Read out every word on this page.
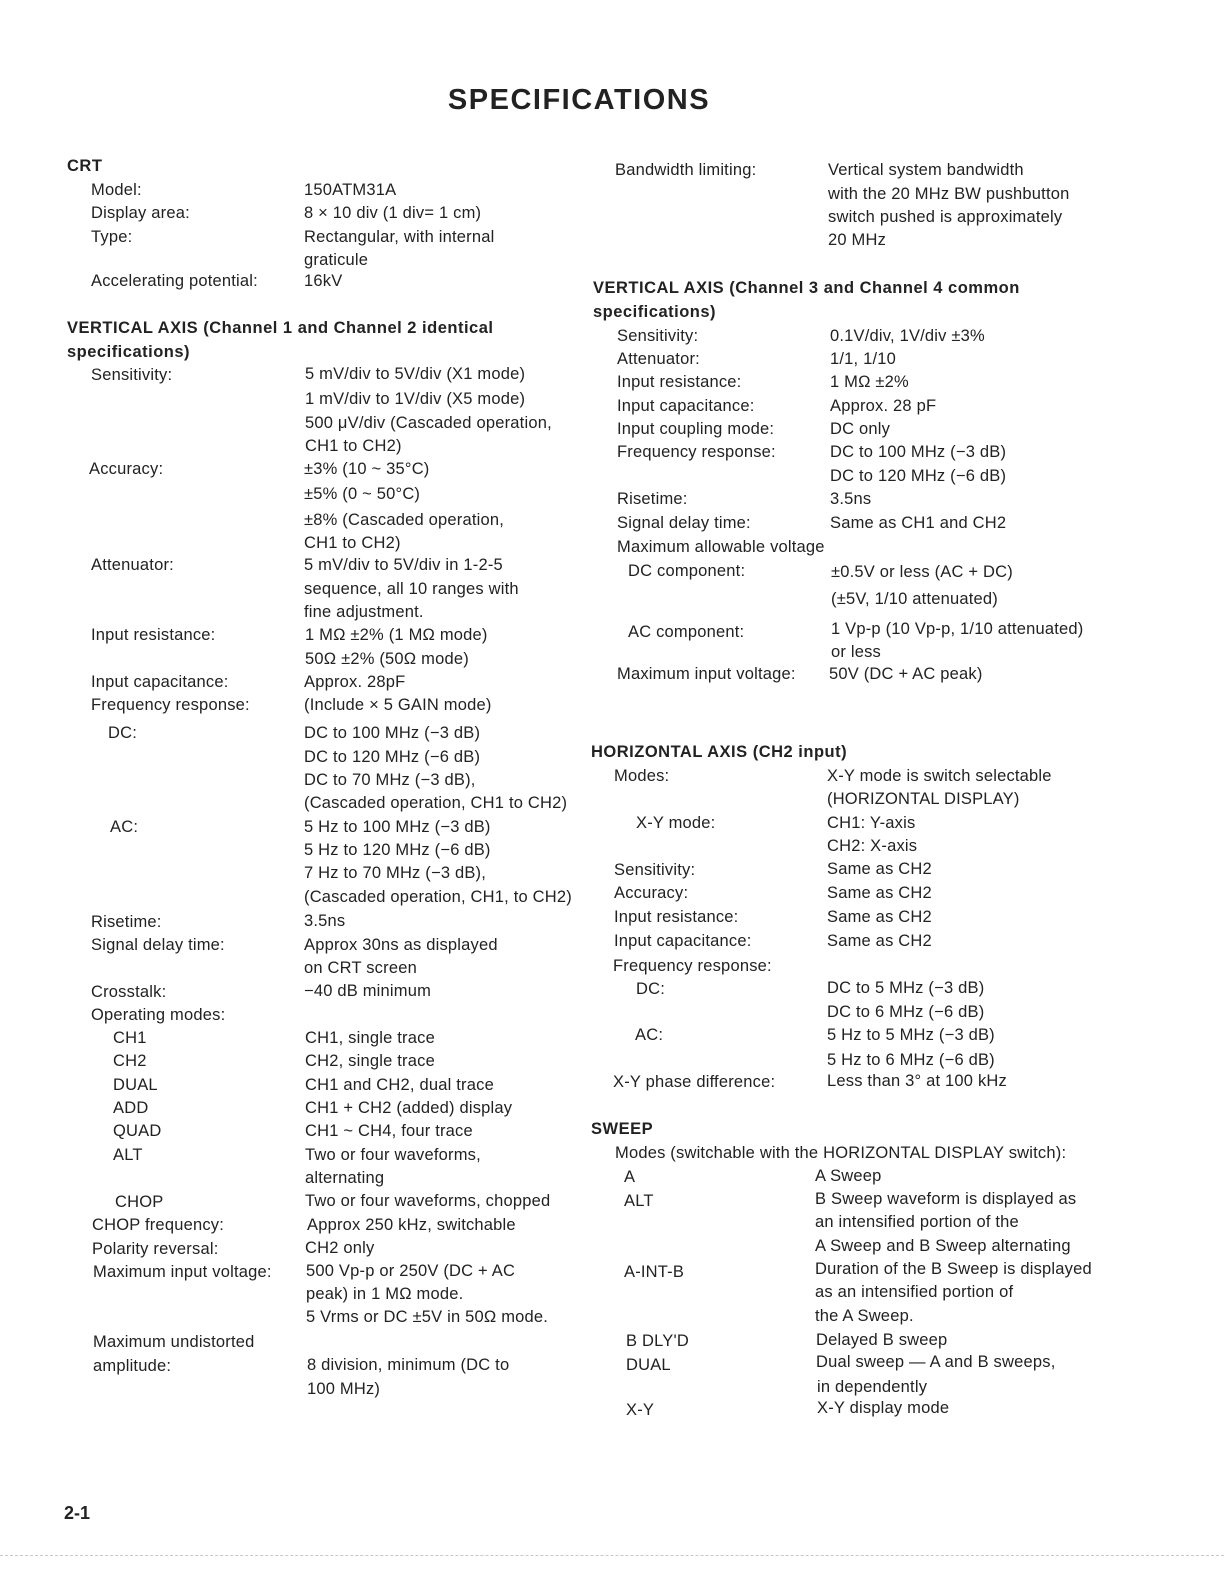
SPECIFICATIONS
CRT
Model:	150ATM31A
Display area:	8 × 10 div (1 div= 1 cm)
Type:	Rectangular, with internal
graticule
Accelerating potential:	16kV
VERTICAL AXIS (Channel 1 and Channel 2 identical
specifications)
Sensitivity:	5 mV/div to 5V/div (X1 mode)
1 mV/div to 1V/div (X5 mode)
500 μV/div (Cascaded operation,
CH1 to CH2)
Accuracy:	±3% (10 ~ 35°C)
±5% (0 ~ 50°C)
±8% (Cascaded operation,
CH1 to CH2)
Attenuator:	5 mV/div to 5V/div in 1-2-5
sequence, all 10 ranges with
fine adjustment.
Input resistance:	1 MΩ ±2% (1 MΩ mode)
50Ω ±2% (50Ω mode)
Input capacitance:	Approx. 28pF
Frequency response:	(Include × 5 GAIN mode)
DC:	DC to 100 MHz (−3 dB)
DC to 120 MHz (−6 dB)
DC to 70 MHz (−3 dB),
(Cascaded operation, CH1 to CH2)
AC:	5 Hz to 100 MHz (−3 dB)
5 Hz to 120 MHz (−6 dB)
7 Hz to 70 MHz (−3 dB),
(Cascaded operation, CH1, to CH2)
Risetime:	3.5ns
Signal delay time:	Approx 30ns as displayed
on CRT screen
Crosstalk:	−40 dB minimum
Operating modes:
CH1	CH1, single trace
CH2	CH2, single trace
DUAL	CH1 and CH2, dual trace
ADD	CH1 + CH2 (added) display
QUAD	CH1 ~ CH4, four trace
ALT	Two or four waveforms,
alternating
CHOP	Two or four waveforms, chopped
CHOP frequency:	Approx 250 kHz, switchable
Polarity reversal:	CH2 only
Maximum input voltage: 500 Vp-p or 250V (DC + AC
peak) in 1 MΩ mode.
5 Vrms or DC ±5V in 50Ω mode.
Maximum undistorted
amplitude:	8 division, minimum (DC to
100 MHz)
Bandwidth limiting:	Vertical system bandwidth
with the 20 MHz BW pushbutton
switch pushed is approximately
20 MHz
VERTICAL AXIS (Channel 3 and Channel 4 common
specifications)
Sensitivity:	0.1V/div, 1V/div ±3%
Attenuator:	1/1, 1/10
Input resistance:	1 MΩ ±2%
Input capacitance:	Approx. 28 pF
Input coupling mode:	DC only
Frequency response:	DC to 100 MHz (−3 dB)
DC to 120 MHz (−6 dB)
Risetime:	3.5ns
Signal delay time:	Same as CH1 and CH2
Maximum allowable voltage
DC component:	±0.5V or less (AC + DC)
(±5V, 1/10 attenuated)
AC component:	1 Vp-p (10 Vp-p, 1/10 attenuated)
or less
Maximum input voltage: 50V (DC + AC peak)
HORIZONTAL AXIS (CH2 input)
Modes:	X-Y mode is switch selectable
(HORIZONTAL DISPLAY)
X-Y mode:	CH1: Y-axis
CH2: X-axis
Sensitivity:	Same as CH2
Accuracy:	Same as CH2
Input resistance:	Same as CH2
Input capacitance:	Same as CH2
Frequency response:
DC:	DC to 5 MHz (−3 dB)
DC to 6 MHz (−6 dB)
AC:	5 Hz to 5 MHz (−3 dB)
5 Hz to 6 MHz (−6 dB)
X-Y phase difference:	Less than 3° at 100 kHz
SWEEP
Modes (switchable with the HORIZONTAL DISPLAY switch):
A	A Sweep
ALT	B Sweep waveform is displayed as
an intensified portion of the
A Sweep and B Sweep alternating
A-INT-B	Duration of the B Sweep is displayed
as an intensified portion of
the A Sweep.
B DLY'D	Delayed B sweep
DUAL	Dual sweep — A and B sweeps,
in dependently
X-Y	X-Y display mode
2-1
